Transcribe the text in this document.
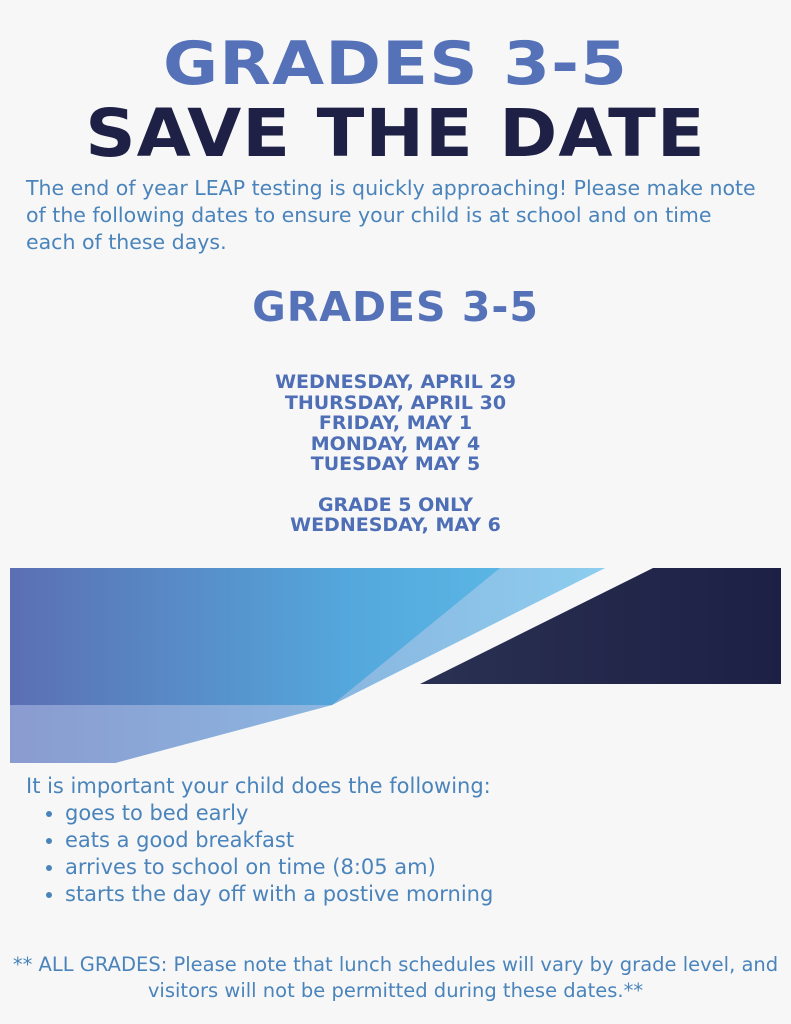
GRADES 3-5
SAVE THE DATE

The end of year LEAP testing is quickly approaching! Please make note of the following dates to ensure your child is at school and on time each of these days.

GRADES 3-5
WEDNESDAY, APRIL 29
THURSDAY, APRIL 30
FRIDAY, MAY 1
MONDAY, MAY 4
TUESDAY MAY 5
GRADE 5 ONLY
WEDNESDAY, MAY 6

It is important your child does the following:

• goes to bed early
• eats a good breakfast
• arrives to school on time (8:05 am)
• starts the day off with a postive morning

** ALL GRADES: Please note that lunch schedules will vary by grade level, and visitors will not be permitted during these dates.**
